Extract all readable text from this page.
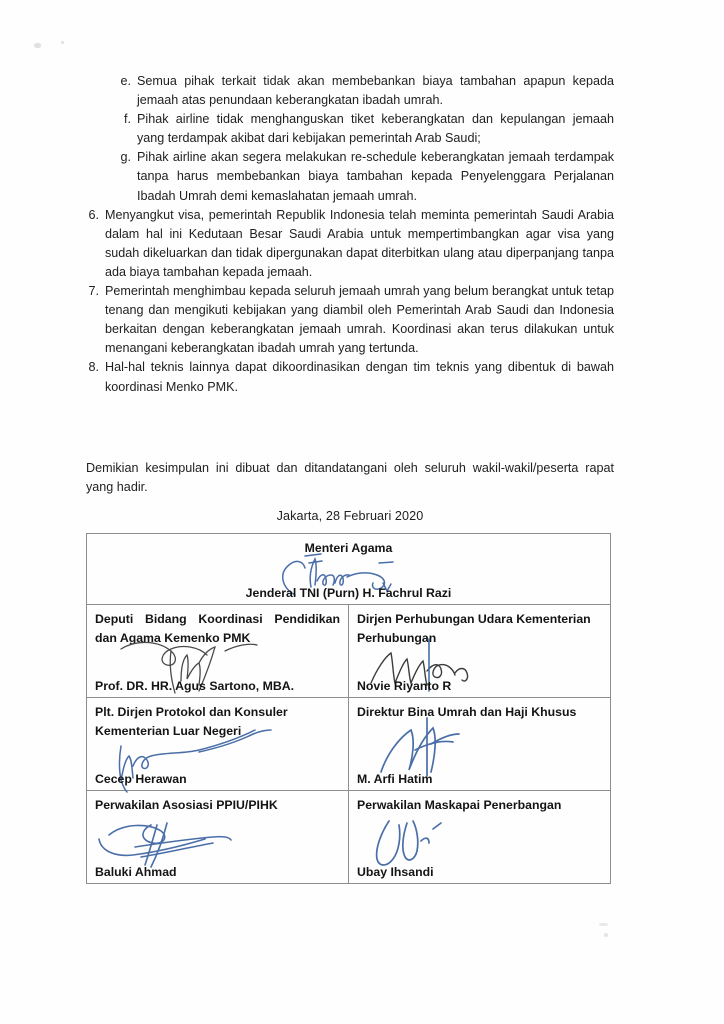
e. Semua pihak terkait tidak akan membebankan biaya tambahan apapun kepada jemaah atas penundaan keberangkatan ibadah umrah.
f. Pihak airline tidak menghanguskan tiket keberangkatan dan kepulangan jemaah yang terdampak akibat dari kebijakan pemerintah Arab Saudi;
g. Pihak airline akan segera melakukan re-schedule keberangkatan jemaah terdampak tanpa harus membebankan biaya tambahan kepada Penyelenggara Perjalanan Ibadah Umrah demi kemaslahatan jemaah umrah.
6. Menyangkut visa, pemerintah Republik Indonesia telah meminta pemerintah Saudi Arabia dalam hal ini Kedutaan Besar Saudi Arabia untuk mempertimbangkan agar visa yang sudah dikeluarkan dan tidak dipergunakan dapat diterbitkan ulang atau diperpanjang tanpa ada biaya tambahan kepada jemaah.
7. Pemerintah menghimbau kepada seluruh jemaah umrah yang belum berangkat untuk tetap tenang dan mengikuti kebijakan yang diambil oleh Pemerintah Arab Saudi dan Indonesia berkaitan dengan keberangkatan jemaah umrah. Koordinasi akan terus dilakukan untuk menangani keberangkatan ibadah umrah yang tertunda.
8. Hal-hal teknis lainnya dapat dikoordinasikan dengan tim teknis yang dibentuk di bawah koordinasi Menko PMK.
Demikian kesimpulan ini dibuat dan ditandatangani oleh seluruh wakil-wakil/peserta rapat yang hadir.
Jakarta, 28 Februari 2020
Menteri Agama
Jenderal TNI (Purn) H. Fachrul Razi	

Deputi Bidang Koordinasi Pendidikan dan Agama Kemenko PMK
Prof. DR. HR. Agus Sartono, MBA.

Dirjen Perhubungan Udara Kementerian Perhubungan
Novie Riyanto R

Plt. Dirjen Protokol dan Konsuler Kementerian Luar Negeri
Cecep Herawan

Direktur Bina Umrah dan Haji Khusus
M. Arfi Hatim

Perwakilan Asosiasi PPIU/PIHK
Baluki Ahmad

Perwakilan Maskapai Penerbangan
Ubay Ihsandi
